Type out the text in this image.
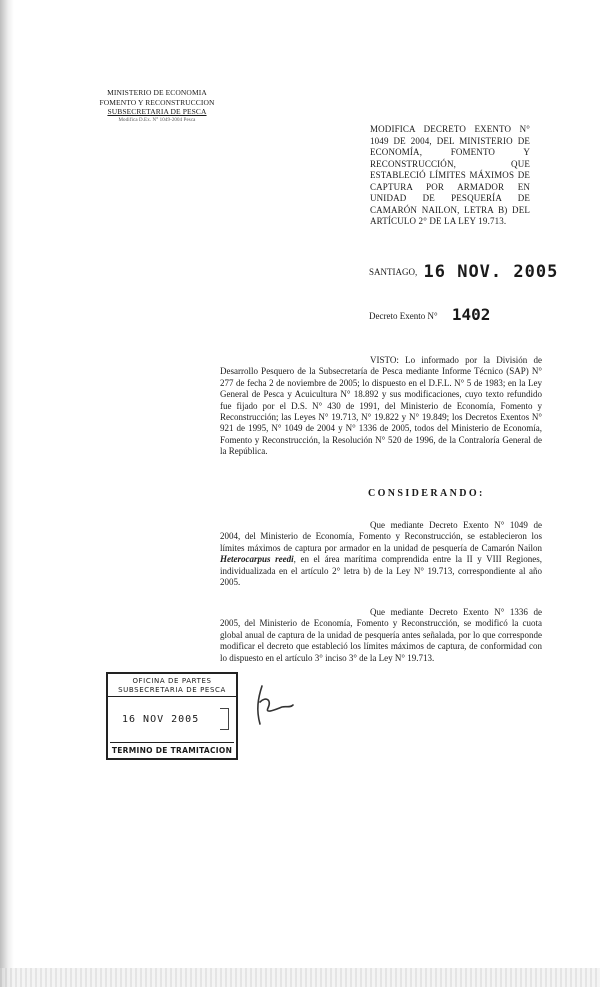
MINISTERIO DE ECONOMIA
FOMENTO Y RECONSTRUCCION
SUBSECRETARIA DE PESCA
Modifica D.Ex. N° 1049-2004 Pesca
MODIFICA DECRETO EXENTO N° 1049 DE 2004, DEL MINISTERIO DE ECONOMÍA, FOMENTO Y RECONSTRUCCIÓN, QUE ESTABLECIÓ LÍMITES MÁXIMOS DE CAPTURA POR ARMADOR EN UNIDAD DE PESQUERÍA DE CAMARÓN NAILON, LETRA B) DEL ARTÍCULO 2° DE LA LEY 19.713.
SANTIAGO, 16 NOV. 2005
Decreto Exento N° 1402
VISTO: Lo informado por la División de Desarrollo Pesquero de la Subsecretaría de Pesca mediante Informe Técnico (SAP) N° 277 de fecha 2 de noviembre de 2005; lo dispuesto en el D.F.L. N° 5 de 1983; en la Ley General de Pesca y Acuicultura N° 18.892 y sus modificaciones, cuyo texto refundido fue fijado por el D.S. N° 430 de 1991, del Ministerio de Economía, Fomento y Reconstrucción; las Leyes N° 19.713, N° 19.822 y N° 19.849; los Decretos Exentos N° 921 de 1995, N° 1049 de 2004 y N° 1336 de 2005, todos del Ministerio de Economía, Fomento y Reconstrucción, la Resolución N° 520 de 1996, de la Contraloría General de la República.
CONSIDERANDO:
Que mediante Decreto Exento N° 1049 de 2004, del Ministerio de Economía, Fomento y Reconstrucción, se establecieron los límites máximos de captura por armador en la unidad de pesquería de Camarón Nailon Heterocarpus reedi, en el área marítima comprendida entre la II y VIII Regiones, individualizada en el artículo 2° letra b) de la Ley N° 19.713, correspondiente al año 2005.
Que mediante Decreto Exento N° 1336 de 2005, del Ministerio de Economía, Fomento y Reconstrucción, se modificó la cuota global anual de captura de la unidad de pesquería antes señalada, por lo que corresponde modificar el decreto que estableció los límites máximos de captura, de conformidad con lo dispuesto en el artículo 3° inciso 3° de la Ley N° 19.713.
OFICINA DE PARTES
SUBSECRETARIA DE PESCA
16 NOV 2005
TERMINO DE TRAMITACION
